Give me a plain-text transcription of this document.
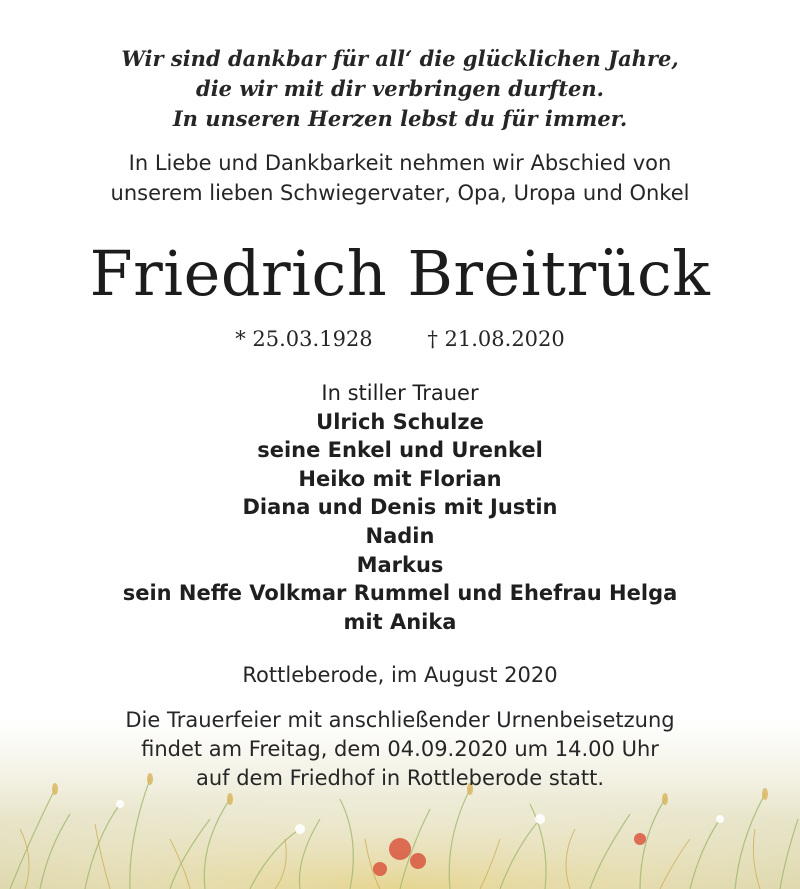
Wir sind dankbar für all‘ die glücklichen Jahre,
die wir mit dir verbringen durften.
In unseren Herzen lebst du für immer.
In Liebe und Dankbarkeit nehmen wir Abschied von
unserem lieben Schwiegervater, Opa, Uropa und Onkel
Friedrich Breitrück
* 25.03.1928	† 21.08.2020
In stiller Trauer
Ulrich Schulze
seine Enkel und Urenkel
Heiko mit Florian
Diana und Denis mit Justin
Nadin
Markus
sein Neffe Volkmar Rummel und Ehefrau Helga
mit Anika
Rottleberode, im August 2020
Die Trauerfeier mit anschließender Urnenbeisetzung
findet am Freitag, dem 04.09.2020 um 14.00 Uhr
auf dem Friedhof in Rottleberode statt.
